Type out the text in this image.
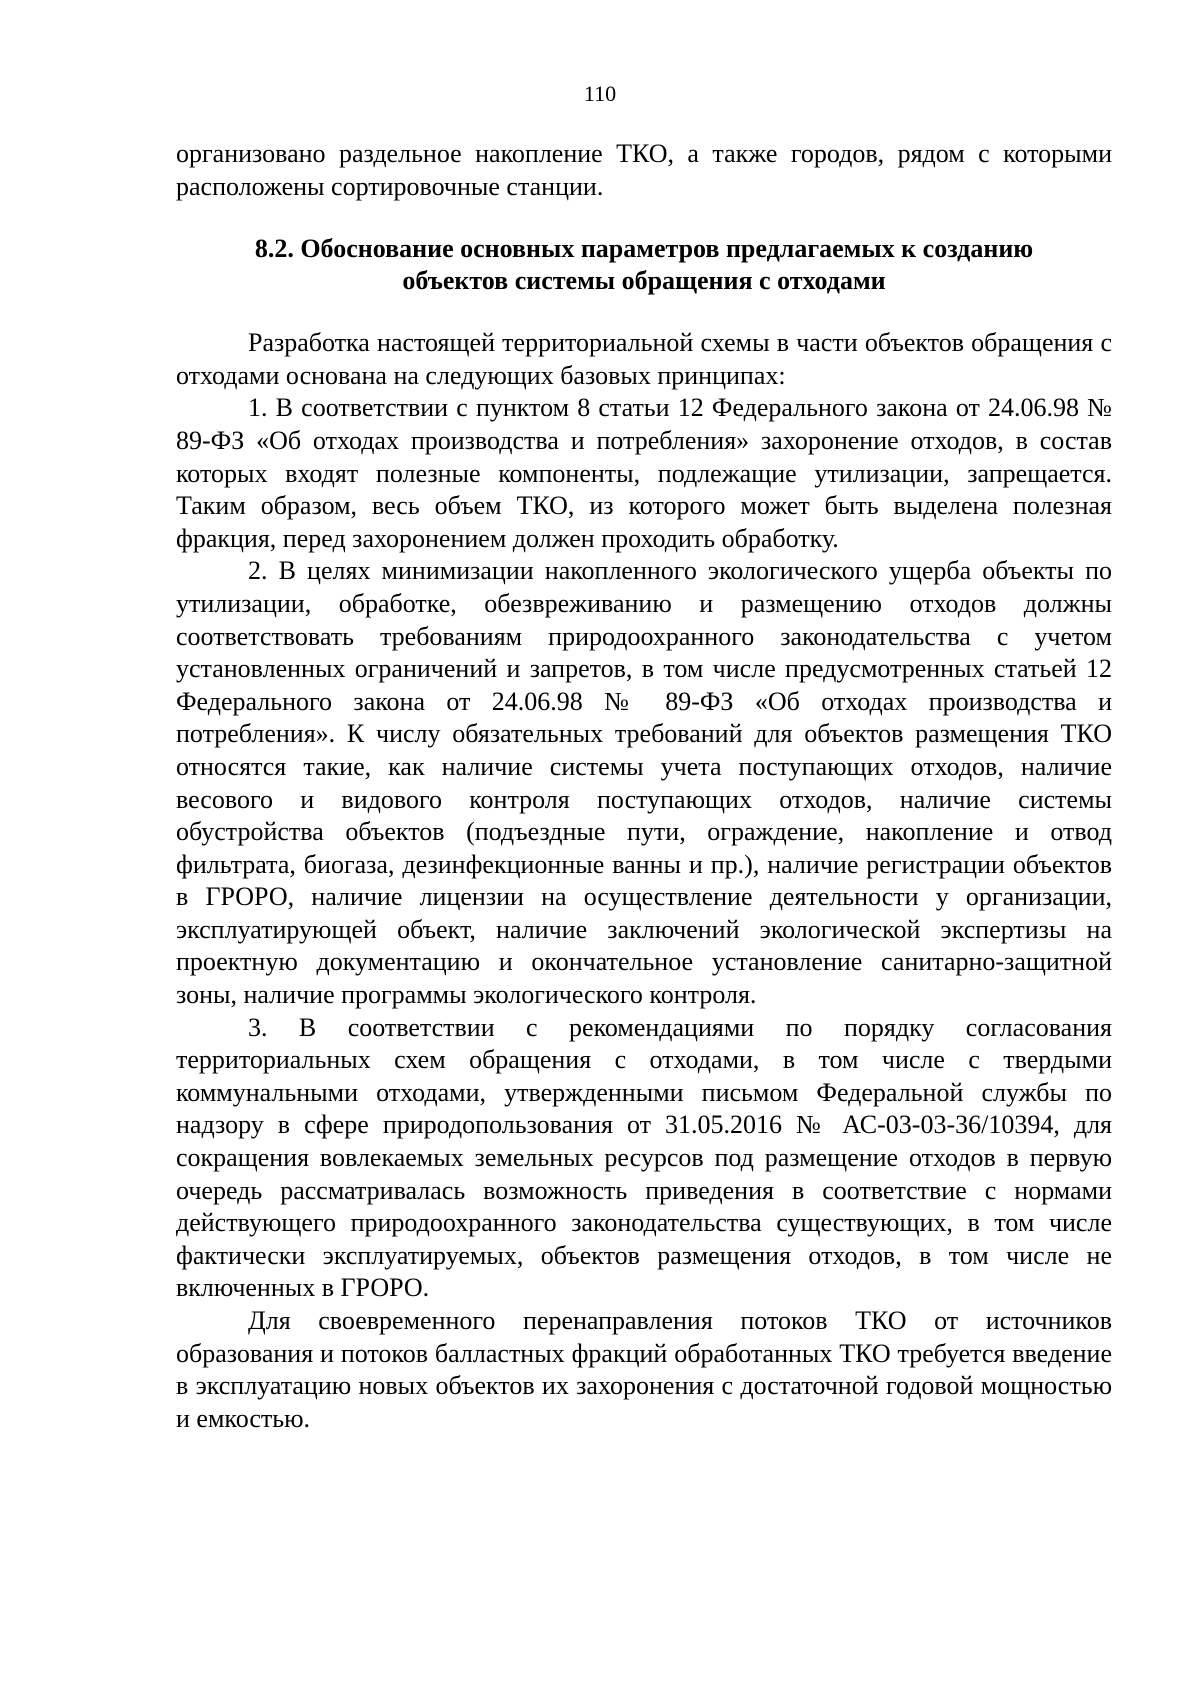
110

организовано раздельное накопление ТКО, а также городов, рядом с которыми расположены сортировочные станции.

8.2. Обоснование основных параметров предлагаемых к созданию
объектов системы обращения с отходами

Разработка настоящей территориальной схемы в части объектов обращения с отходами основана на следующих базовых принципах:

1. В соответствии с пунктом 8 статьи 12 Федерального закона от 24.06.98 № 89-ФЗ «Об отходах производства и потребления» захоронение отходов, в состав которых входят полезные компоненты, подлежащие утилизации, запрещается. Таким образом, весь объем ТКО, из которого может быть выделена полезная фракция, перед захоронением должен проходить обработку.

2. В целях минимизации накопленного экологического ущерба объекты по утилизации, обработке, обезвреживанию и размещению отходов должны соответствовать требованиям природоохранного законодательства с учетом установленных ограничений и запретов, в том числе предусмотренных статьей 12 Федерального закона от 24.06.98 № 89-ФЗ «Об отходах производства и потребления». К числу обязательных требований для объектов размещения ТКО относятся такие, как наличие системы учета поступающих отходов, наличие весового и видового контроля поступающих отходов, наличие системы обустройства объектов (подъездные пути, ограждение, накопление и отвод фильтрата, биогаза, дезинфекционные ванны и пр.), наличие регистрации объектов в ГРОРО, наличие лицензии на осуществление деятельности у организации, эксплуатирующей объект, наличие заключений экологической экспертизы на проектную документацию и окончательное установление санитарно-защитной зоны, наличие программы экологического контроля.

3. В соответствии с рекомендациями по порядку согласования территориальных схем обращения с отходами, в том числе с твердыми коммунальными отходами, утвержденными письмом Федеральной службы по надзору в сфере природопользования от 31.05.2016 № АС-03-03-36/10394, для сокращения вовлекаемых земельных ресурсов под размещение отходов в первую очередь рассматривалась возможность приведения в соответствие с нормами действующего природоохранного законодательства существующих, в том числе фактически эксплуатируемых, объектов размещения отходов, в том числе не включенных в ГРОРО.

Для своевременного перенаправления потоков ТКО от источников образования и потоков балластных фракций обработанных ТКО требуется введение в эксплуатацию новых объектов их захоронения с достаточной годовой мощностью и емкостью.
